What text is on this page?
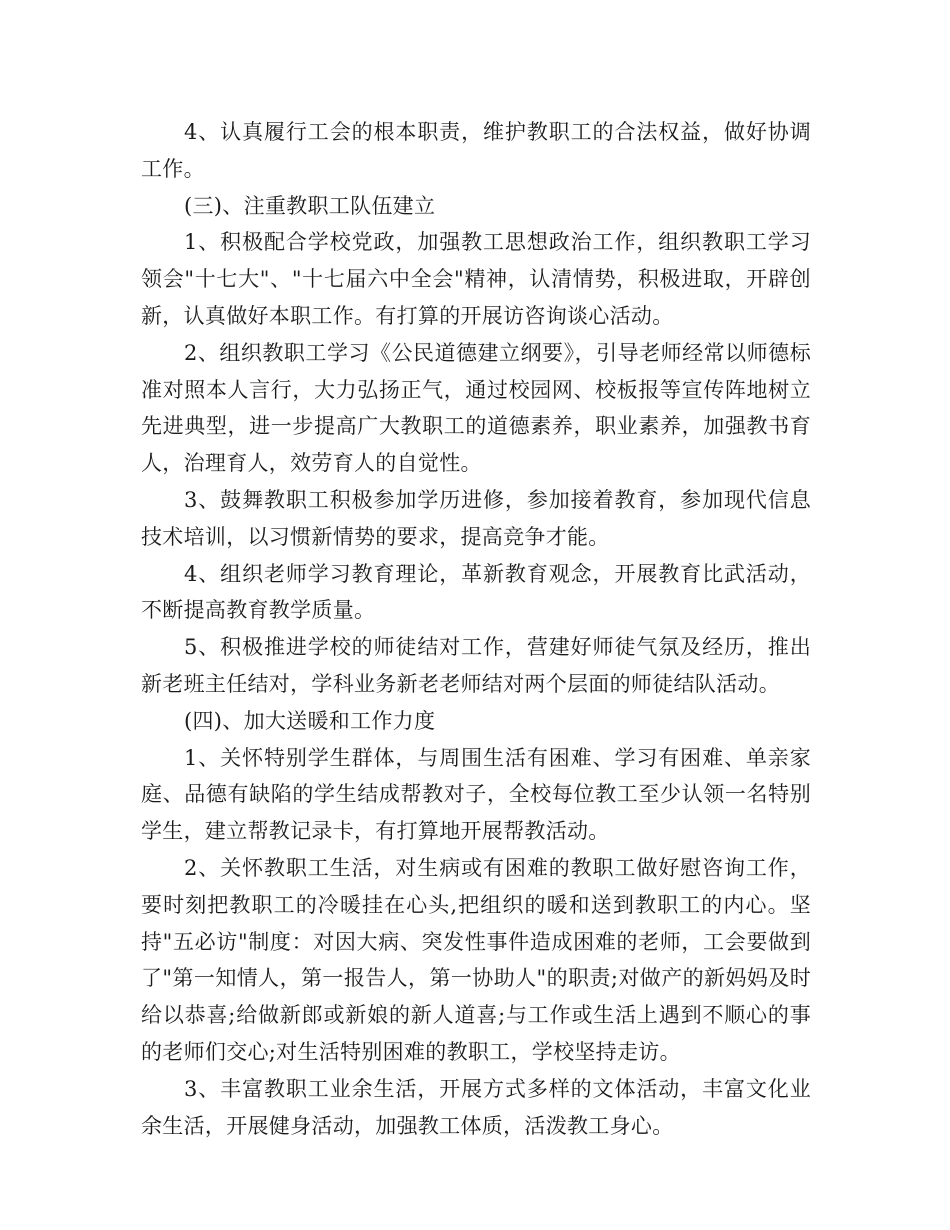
4、认真履行工会的根本职责，维护教职工的合法权益，做好协调工作。

(三)、注重教职工队伍建立

1、积极配合学校党政，加强教工思想政治工作，组织教职工学习领会"十七大"、"十七届六中全会"精神，认清情势，积极进取，开辟创新，认真做好本职工作。有打算的开展访咨询谈心活动。

2、组织教职工学习《公民道德建立纲要》，引导老师经常以师德标准对照本人言行，大力弘扬正气，通过校园网、校板报等宣传阵地树立先进典型，进一步提高广大教职工的道德素养，职业素养，加强教书育人，治理育人，效劳育人的自觉性。

3、鼓舞教职工积极参加学历进修，参加接着教育，参加现代信息技术培训，以习惯新情势的要求，提高竞争才能。

4、组织老师学习教育理论，革新教育观念，开展教育比武活动，不断提高教育教学质量。

5、积极推进学校的师徒结对工作，营建好师徒气氛及经历，推出新老班主任结对，学科业务新老老师结对两个层面的师徒结队活动。

(四)、加大送暖和工作力度

1、关怀特别学生群体，与周围生活有困难、学习有困难、单亲家庭、品德有缺陷的学生结成帮教对子，全校每位教工至少认领一名特别学生，建立帮教记录卡，有打算地开展帮教活动。

2、关怀教职工生活，对生病或有困难的教职工做好慰咨询工作，要时刻把教职工的冷暖挂在心头,把组织的暖和送到教职工的内心。坚持"五必访"制度：对因大病、突发性事件造成困难的老师，工会要做到了"第一知情人，第一报告人，第一协助人"的职责;对做产的新妈妈及时给以恭喜;给做新郎或新娘的新人道喜;与工作或生活上遇到不顺心的事的老师们交心;对生活特别困难的教职工，学校坚持走访。

3、丰富教职工业余生活，开展方式多样的文体活动，丰富文化业余生活，开展健身活动，加强教工体质，活泼教工身心。
